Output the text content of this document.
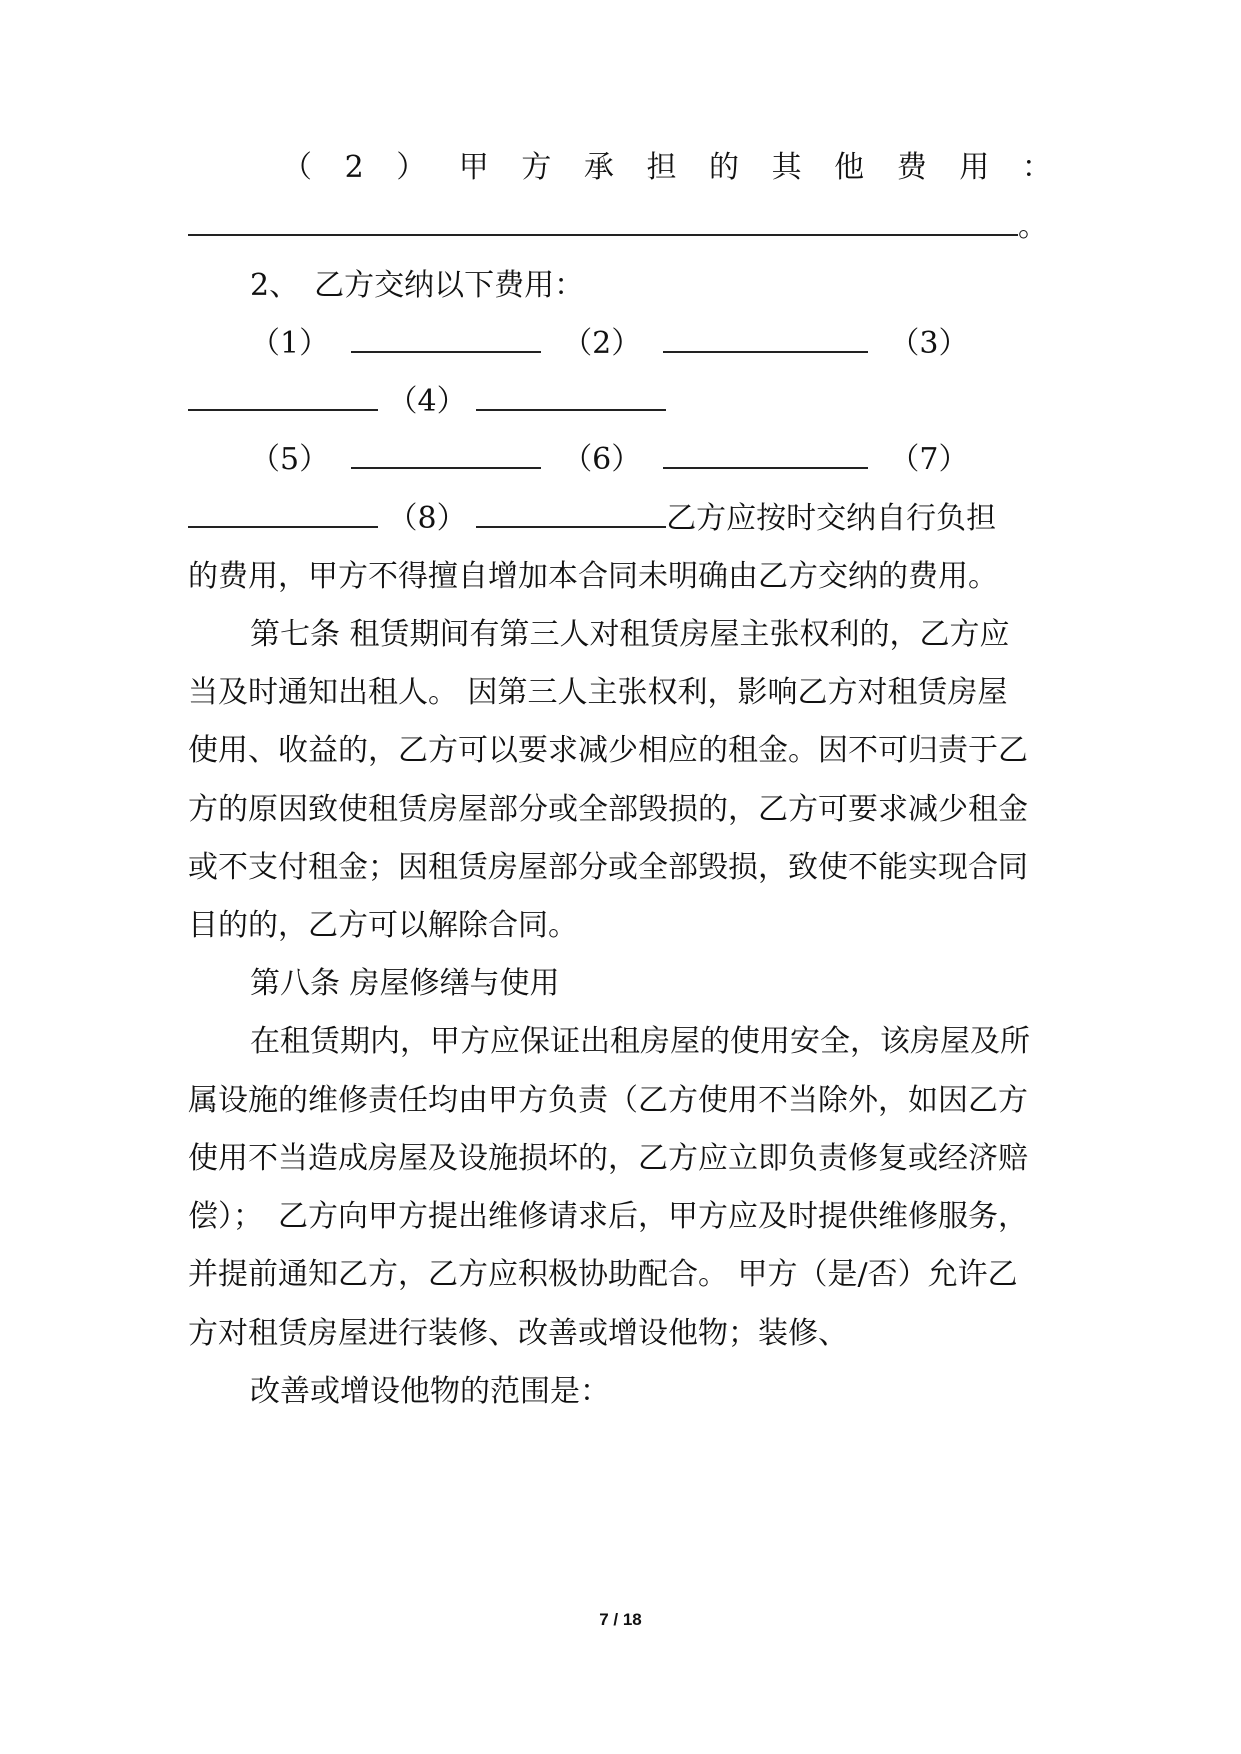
（ 2 ） 甲 方 承 担 的 其 他 费 用 ：
。
2、　乙方交纳以下费用：
（1）	（2）	（3）
（4）
（5）	（6）	（7）
（8）	乙方应按时交纳自行负担
的费用，甲方不得擅自增加本合同未明确由乙方交纳的费用。
第七条 租赁期间有第三人对租赁房屋主张权利的，乙方应
当及时通知出租人。 因第三人主张权利，影响乙方对租赁房屋
使用、收益的，乙方可以要求减少相应的租金。因不可归责于乙
方的原因致使租赁房屋部分或全部毁损的，乙方可要求减少租金
或不支付租金；因租赁房屋部分或全部毁损，致使不能实现合同
目的的，乙方可以解除合同。
第八条 房屋修缮与使用
在租赁期内，甲方应保证出租房屋的使用安全，该房屋及所
属设施的维修责任均由甲方负责（乙方使用不当除外，如因乙方
使用不当造成房屋及设施损坏的，乙方应立即负责修复或经济赔
偿）；　乙方向甲方提出维修请求后，甲方应及时提供维修服务，
并提前通知乙方，乙方应积极协助配合。 甲方（是/否）允许乙
方对租赁房屋进行装修、改善或增设他物；装修、
改善或增设他物的范围是：
7 / 18
